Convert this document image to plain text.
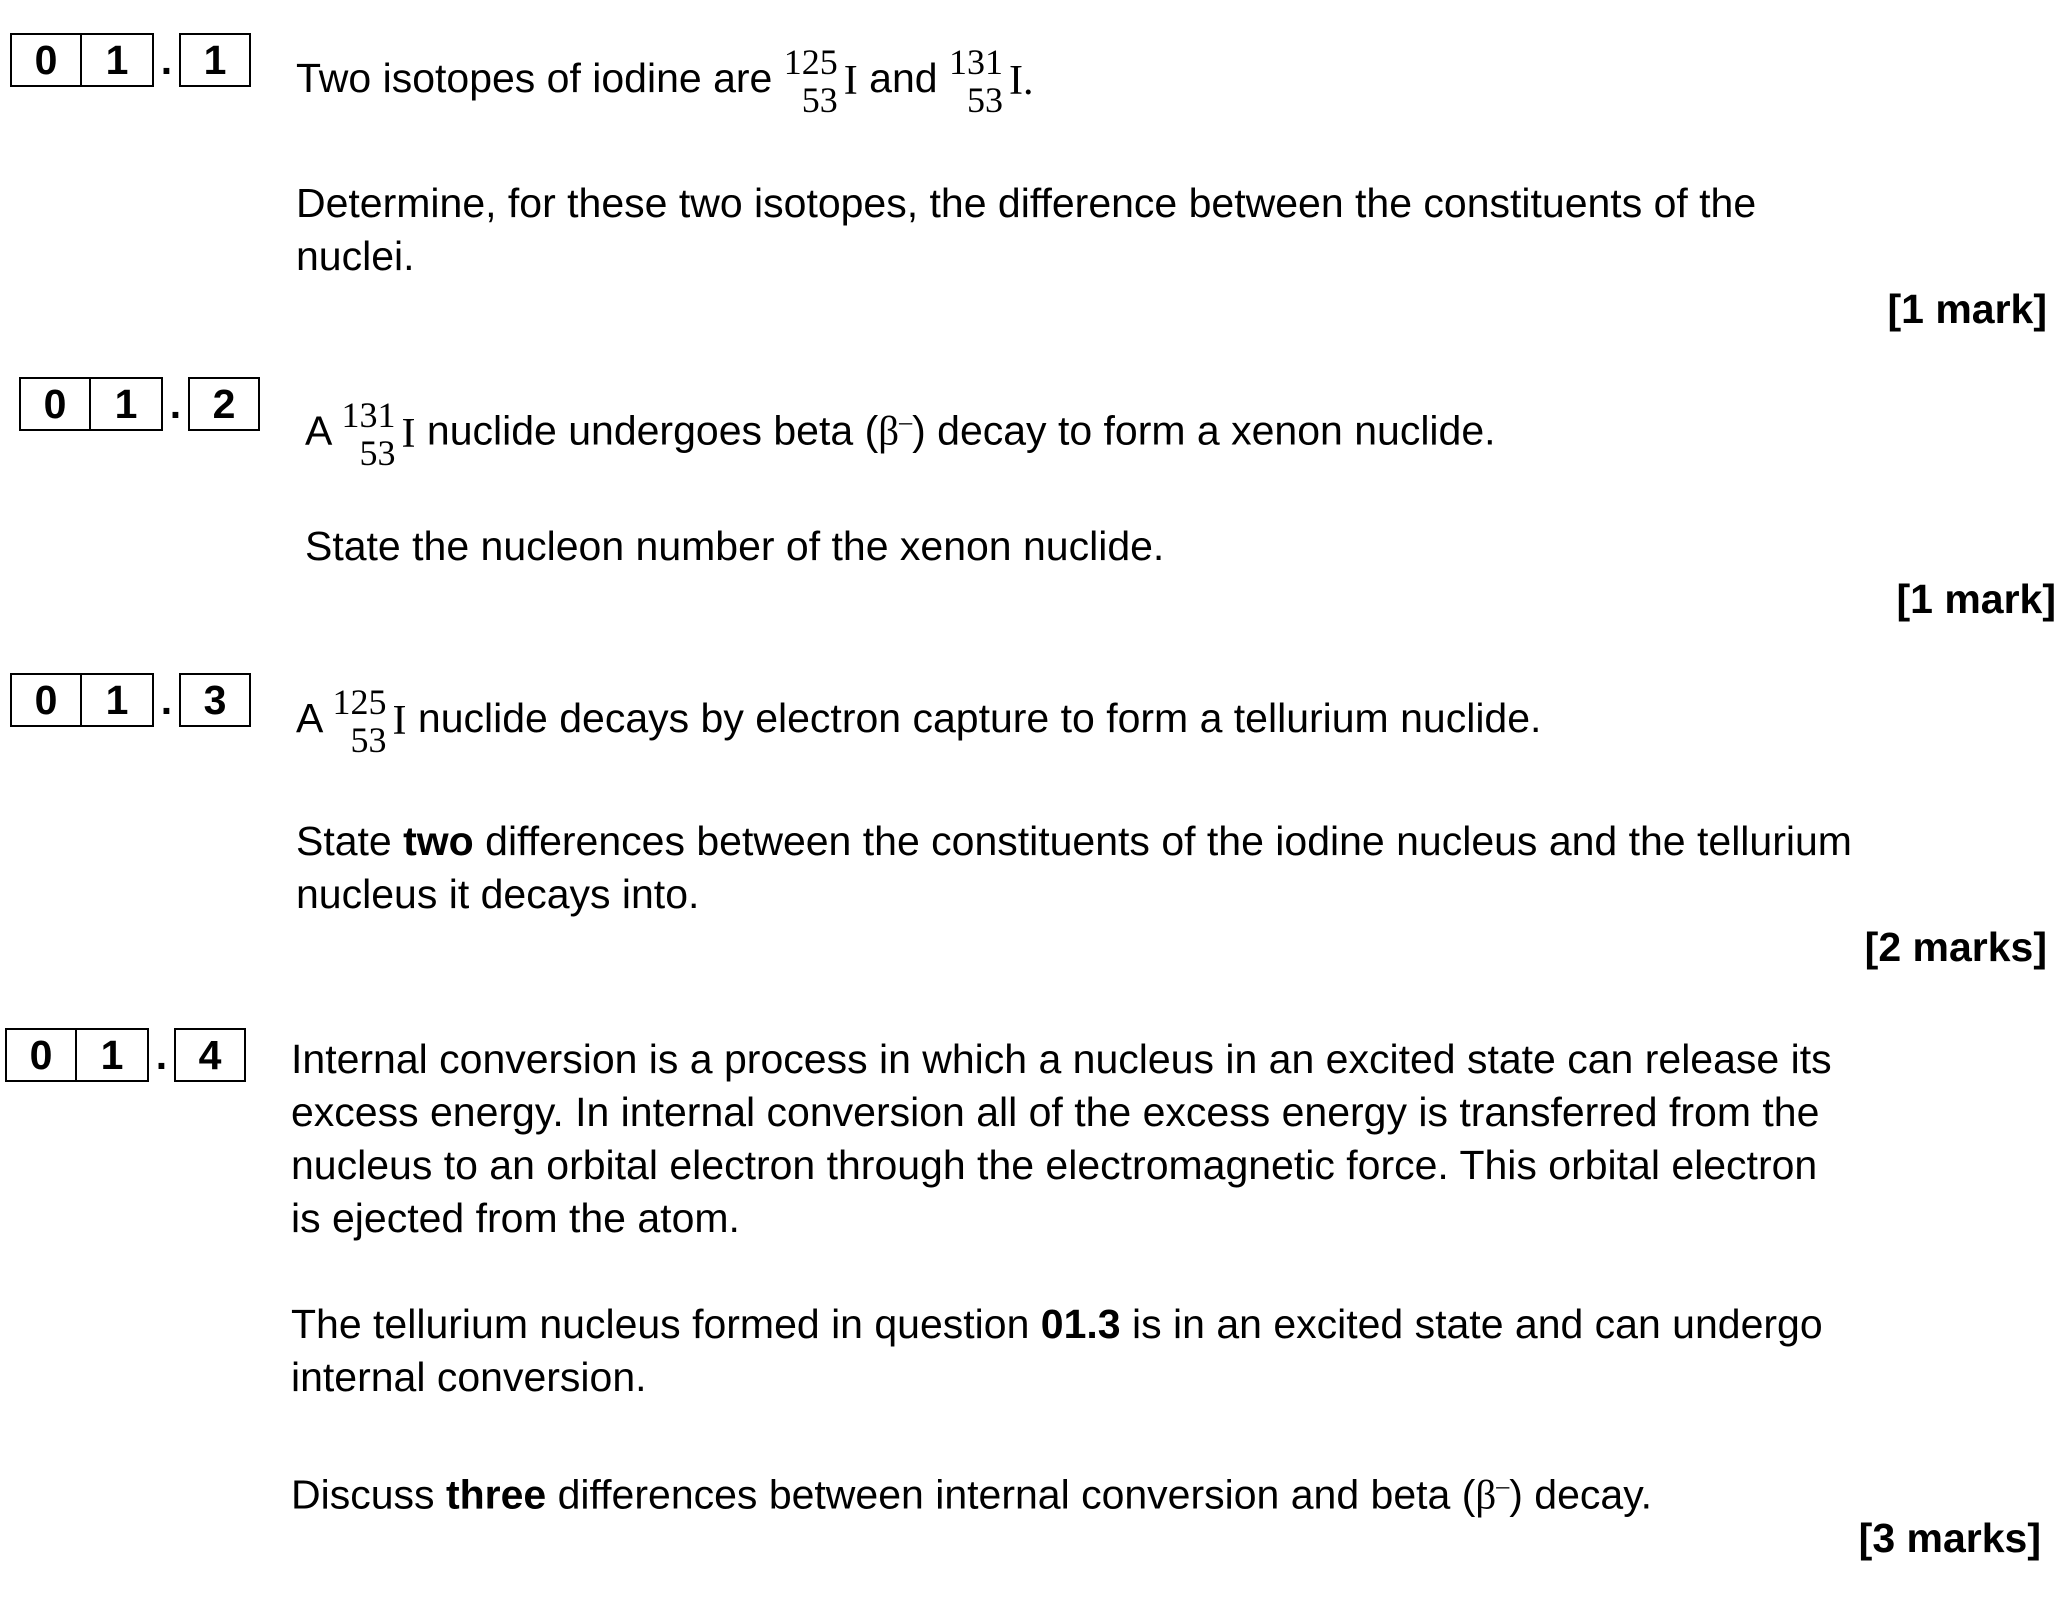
0	1 . 1	Two isotopes of iodine are 125
53 I and 131
53 I.
Determine, for these two isotopes, the difference between the constituents of the
nuclei.
[1 mark]
0	1 . 2
A 131
53 I nuclide undergoes beta (β–) decay to form a xenon nuclide.
State the nucleon number of the xenon nuclide.
[1 mark]
0	1 . 3	A 125
53 I nuclide decays by electron capture to form a tellurium nuclide.
State two differences between the constituents of the iodine nucleus and the tellurium
nucleus it decays into.
[2 marks]
0	1 . 4	Internal conversion is a process in which a nucleus in an excited state can release its
excess energy. In internal conversion all of the excess energy is transferred from the
nucleus to an orbital electron through the electromagnetic force. This orbital electron
is ejected from the atom.
The tellurium nucleus formed in question 01.3 is in an excited state and can undergo
internal conversion.
Discuss three differences between internal conversion and beta (β–) decay.
[3 marks]
